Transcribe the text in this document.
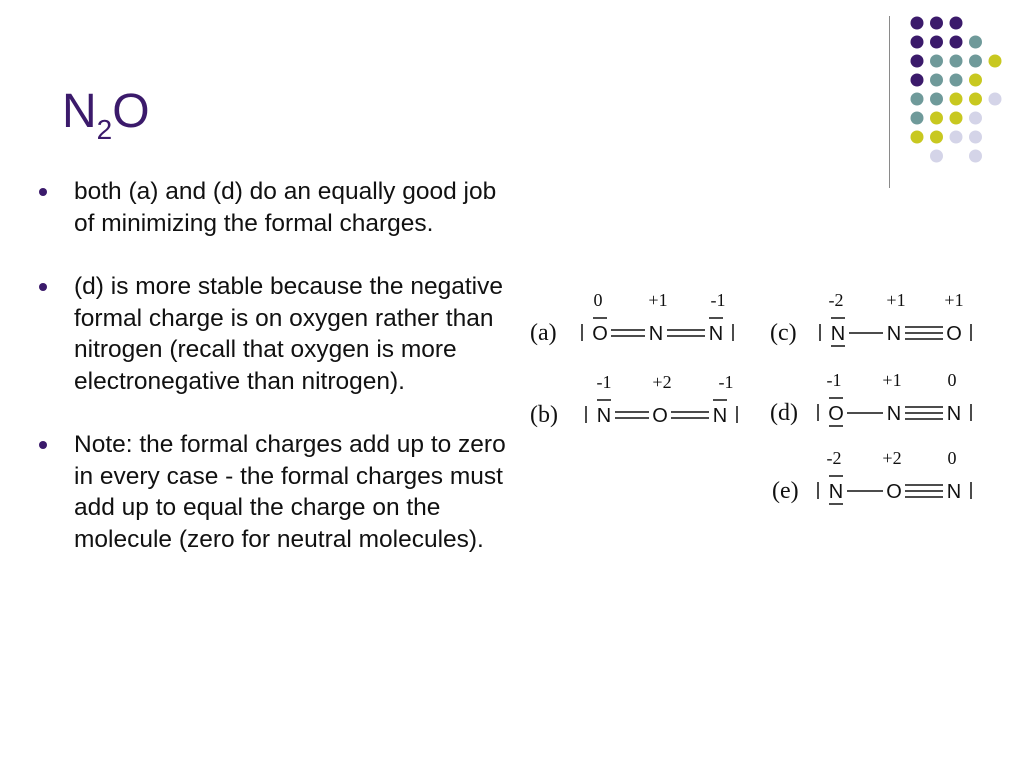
$N_2O$
both (a) and (d) do an equally good job of minimizing the formal charges.
(d) is more stable because the negative formal charge is on oxygen rather than nitrogen (recall that oxygen is more electronegative than nitrogen).
Note: the formal charges add up to zero in every case - the formal charges must add up to equal the charge on the molecule (zero for neutral molecules).
(a)
0	+1 -1
O N N
(b)
-1 +2	-1
N O N
(c)
-2 +1 +1
N N O
(d)
-1 +1	0
O N N
(e)
-2 +2	0
N O N
